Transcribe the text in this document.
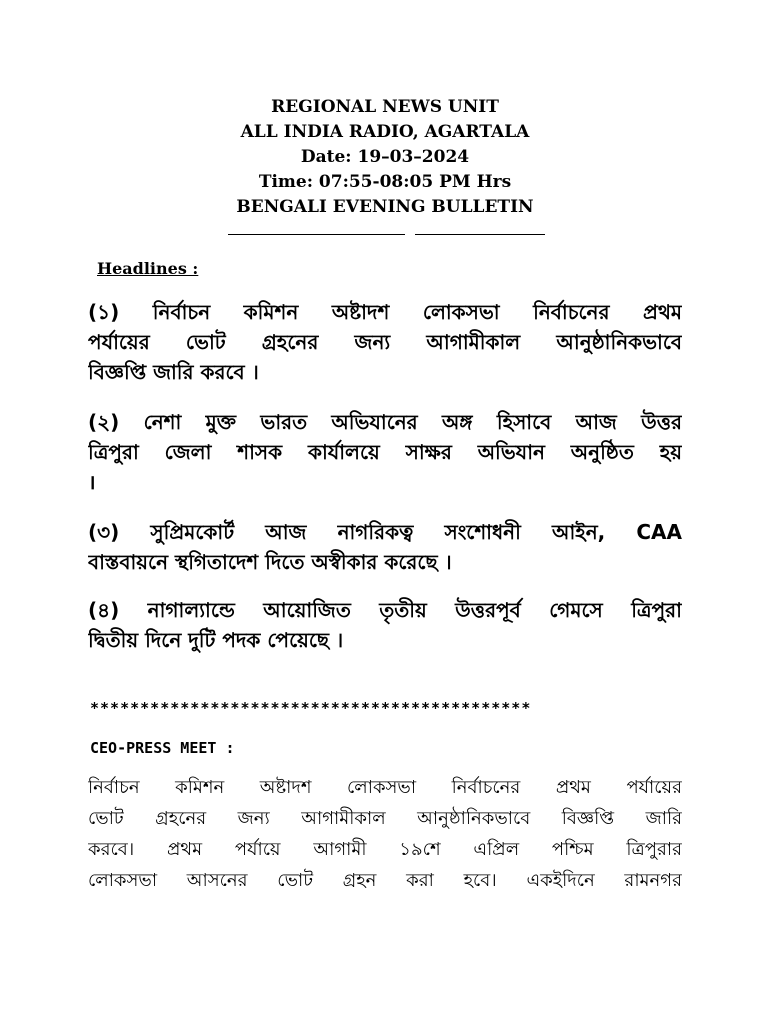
REGIONAL NEWS UNIT
ALL INDIA RADIO, AGARTALA
Date: 19–03–2024
Time: 07:55-08:05 PM Hrs
BENGALI EVENING BULLETIN
Headlines :
(১) নির্বাচন কমিশন অষ্টাদশ লোকসভা নির্বাচনের প্রথম
পর্যায়ের ভোট গ্রহনের জন্য আগামীকাল আনুষ্ঠানিকভাবে
বিজ্ঞপ্তি জারি করবে ।
(২) নেশা মুক্ত ভারত অভিযানের অঙ্গ হিসাবে আজ উত্তর
ত্রিপুরা জেলা শাসক কার্যালয়ে সাক্ষর অভিযান অনুষ্ঠিত হয়
।
(৩) সুপ্রিমকোর্ট আজ নাগরিকত্ব সংশোধনী আইন, CAA
বাস্তবায়নে স্থগিতাদেশ দিতে অস্বীকার করেছে ।
(৪) নাগাল্যান্ডে আয়োজিত তৃতীয় উত্তরপূর্ব গেমসে ত্রিপুরা
দ্বিতীয় দিনে দুটি পদক পেয়েছে ।
********************************************
CEO-PRESS MEET :
নির্বাচন কমিশন অষ্টাদশ লোকসভা নির্বাচনের প্রথম পর্যায়ের
ভোট গ্রহনের জন্য আগামীকাল আনুষ্ঠানিকভাবে বিজ্ঞপ্তি জারি
করবে। প্রথম পর্যায়ে আগামী ১৯শে এপ্রিল পশ্চিম ত্রিপুরার
লোকসভা আসনের ভোট গ্রহন করা হবে। একইদিনে রামনগর
